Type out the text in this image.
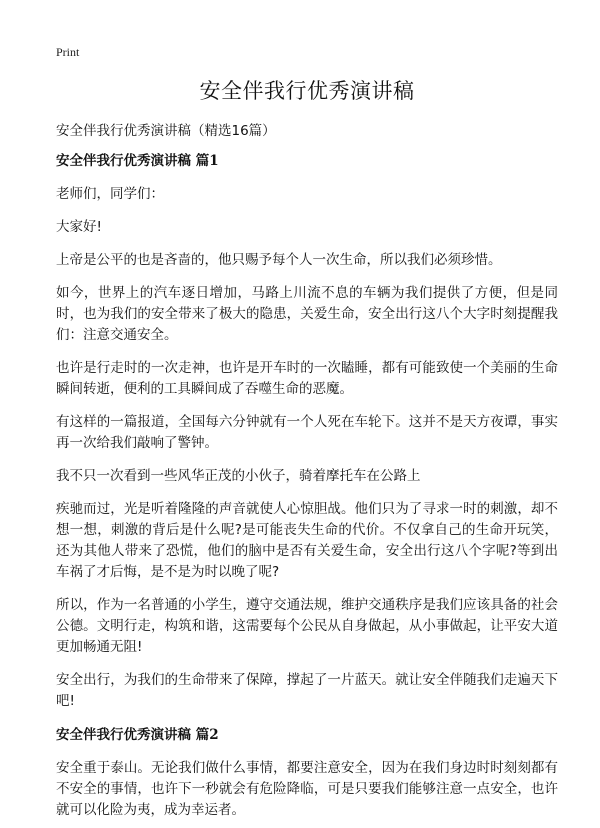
Print
安全伴我行优秀演讲稿
安全伴我行优秀演讲稿（精选16篇）
安全伴我行优秀演讲稿 篇1

老师们，同学们：

大家好!

上帝是公平的也是吝啬的，他只赐予每个人一次生命，所以我们必须珍惜。

如今，世界上的汽车逐日增加，马路上川流不息的车辆为我们提供了方便，但是同时，也为我们的安全带来了极大的隐患，关爱生命，安全出行这八个大字时刻提醒我们：注意交通安全。

也许是行走时的一次走神，也许是开车时的一次瞌睡，都有可能致使一个美丽的生命瞬间转逝，便利的工具瞬间成了吞噬生命的恶魔。

有这样的一篇报道，全国每六分钟就有一个人死在车轮下。这并不是天方夜谭，事实再一次给我们敲响了警钟。

我不只一次看到一些风华正茂的小伙子，骑着摩托车在公路上

疾驰而过，光是听着隆隆的声音就使人心惊胆战。他们只为了寻求一时的刺激，却不想一想，刺激的背后是什么呢?是可能丧失生命的代价。不仅拿自己的生命开玩笑，还为其他人带来了恐慌，他们的脑中是否有关爱生命，安全出行这八个字呢?等到出车祸了才后悔，是不是为时以晚了呢?

所以，作为一名普通的小学生，遵守交通法规，维护交通秩序是我们应该具备的社会公德。文明行走，构筑和谐，这需要每个公民从自身做起，从小事做起，让平安大道更加畅通无阻!

安全出行，为我们的生命带来了保障，撑起了一片蓝天。就让安全伴随我们走遍天下吧!

安全伴我行优秀演讲稿 篇2

安全重于泰山。无论我们做什么事情，都要注意安全，因为在我们身边时时刻刻都有不安全的事情，也许下一秒就会有危险降临，可是只要我们能够注意一点安全，也许就可以化险为夷，成为幸运者。
